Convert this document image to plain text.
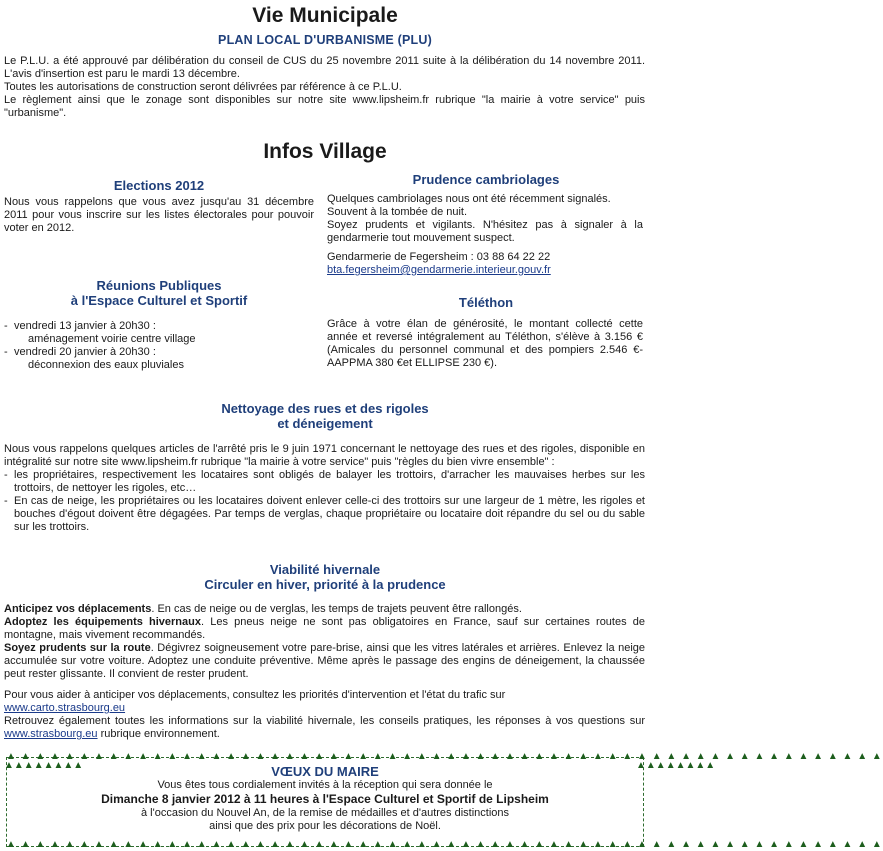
Vie Municipale
PLAN LOCAL D'URBANISME (PLU)
Le P.L.U. a été approuvé par délibération du conseil de CUS du 25 novembre 2011 suite à la délibération du 14 novembre 2011. L'avis d'insertion est paru le mardi 13 décembre.
Toutes les autorisations de construction seront délivrées par référence à ce P.L.U.
Le règlement ainsi que le zonage sont disponibles sur notre site www.lipsheim.fr rubrique "la mairie à votre service" puis "urbanisme".
Infos Village
Elections 2012
Nous vous rappelons que vous avez jusqu'au 31 décembre 2011 pour vous inscrire sur les listes électorales pour pouvoir voter en 2012.
Réunions Publiques
à l'Espace Culturel et Sportif
- vendredi 13 janvier à 20h30 :
aménagement voirie centre village
- vendredi 20 janvier à 20h30 :
déconnexion des eaux pluviales
Prudence cambriolages
Quelques cambriolages nous ont été récemment signalés.
Souvent à la tombée de nuit.
Soyez prudents et vigilants. N'hésitez pas à signaler à la gendarmerie tout mouvement suspect.
Gendarmerie de Fegersheim : 03 88 64 22 22
bta.fegersheim@gendarmerie.interieur.gouv.fr
Téléthon
Grâce à votre élan de générosité, le montant collecté cette année et reversé intégralement au Téléthon, s'élève à 3.156 € (Amicales du personnel communal et des pompiers 2.546 €- AAPPMA 380 €et ELLIPSE 230 €).
Nettoyage des rues et des rigoles
et déneigement
Nous vous rappelons quelques articles de l'arrêté pris le 9 juin 1971 concernant le nettoyage des rues et des rigoles, disponible en intégralité sur notre site www.lipsheim.fr rubrique "la mairie à votre service" puis "règles du bien vivre ensemble" :
- les propriétaires, respectivement les locataires sont obligés de balayer les trottoirs, d'arracher les mauvaises herbes sur les trottoirs, de nettoyer les rigoles, etc…
- En cas de neige, les propriétaires ou les locataires doivent enlever celle-ci des trottoirs sur une largeur de 1 mètre, les rigoles et bouches d'égout doivent être dégagées. Par temps de verglas, chaque propriétaire ou locataire doit répandre du sel ou du sable sur les trottoirs.
Viabilité hivernale
Circuler en hiver, priorité à la prudence
Anticipez vos déplacements. En cas de neige ou de verglas, les temps de trajets peuvent être rallongés.
Adoptez les équipements hivernaux. Les pneus neige ne sont pas obligatoires en France, sauf sur certaines routes de montagne, mais vivement recommandés.
Soyez prudents sur la route. Dégivrez soigneusement votre pare-brise, ainsi que les vitres latérales et arrières. Enlevez la neige accumulée sur votre voiture. Adoptez une conduite préventive. Même après le passage des engins de déneigement, la chaussée peut rester glissante. Il convient de rester prudent.
Pour vous aider à anticiper vos déplacements, consultez les priorités d'intervention et l'état du trafic sur
www.carto.strasbourg.eu
Retrouvez également toutes les informations sur la viabilité hivernale, les conseils pratiques, les réponses à vos questions sur www.strasbourg.eu rubrique environnement.
▲ ▲ ▲ ▲ ▲ ▲ ▲ ▲ ▲ ▲ ▲ ▲ ▲ ▲ ▲ ▲ ▲ ▲ ▲ ▲ ▲ ▲ ▲ ▲ ▲ ▲ ▲ ▲ ▲ ▲ ▲ ▲ ▲ ▲ ▲ ▲ ▲ ▲ ▲ ▲ ▲ ▲ ▲ ▲ ▲ ▲ ▲ ▲ ▲ ▲ ▲ ▲ ▲ ▲ ▲ ▲ ▲ ▲ ▲ ▲
▲ ▲ ▲ ▲ ▲ ▲ ▲ ▲ ▲ ▲ ▲ ▲ ▲ ▲ ▲ ▲ ▲ ▲ ▲ ▲ ▲ ▲ ▲ ▲ ▲ ▲ ▲ ▲ ▲ ▲ ▲ ▲ ▲ ▲ ▲ ▲ ▲ ▲ ▲ ▲ ▲ ▲ ▲ ▲ ▲ ▲ ▲ ▲ ▲ ▲ ▲ ▲ ▲ ▲ ▲ ▲ ▲ ▲ ▲ ▲
▲▲▲▲▲▲▲▲	▲▲▲▲▲▲▲▲
VŒUX DU MAIRE
Vous êtes tous cordialement invités à la réception qui sera donnée le
Dimanche 8 janvier 2012 à 11 heures à l'Espace Culturel et Sportif de Lipsheim
à l'occasion du Nouvel An, de la remise de médailles et d'autres distinctions
ainsi que des prix pour les décorations de Noël.
